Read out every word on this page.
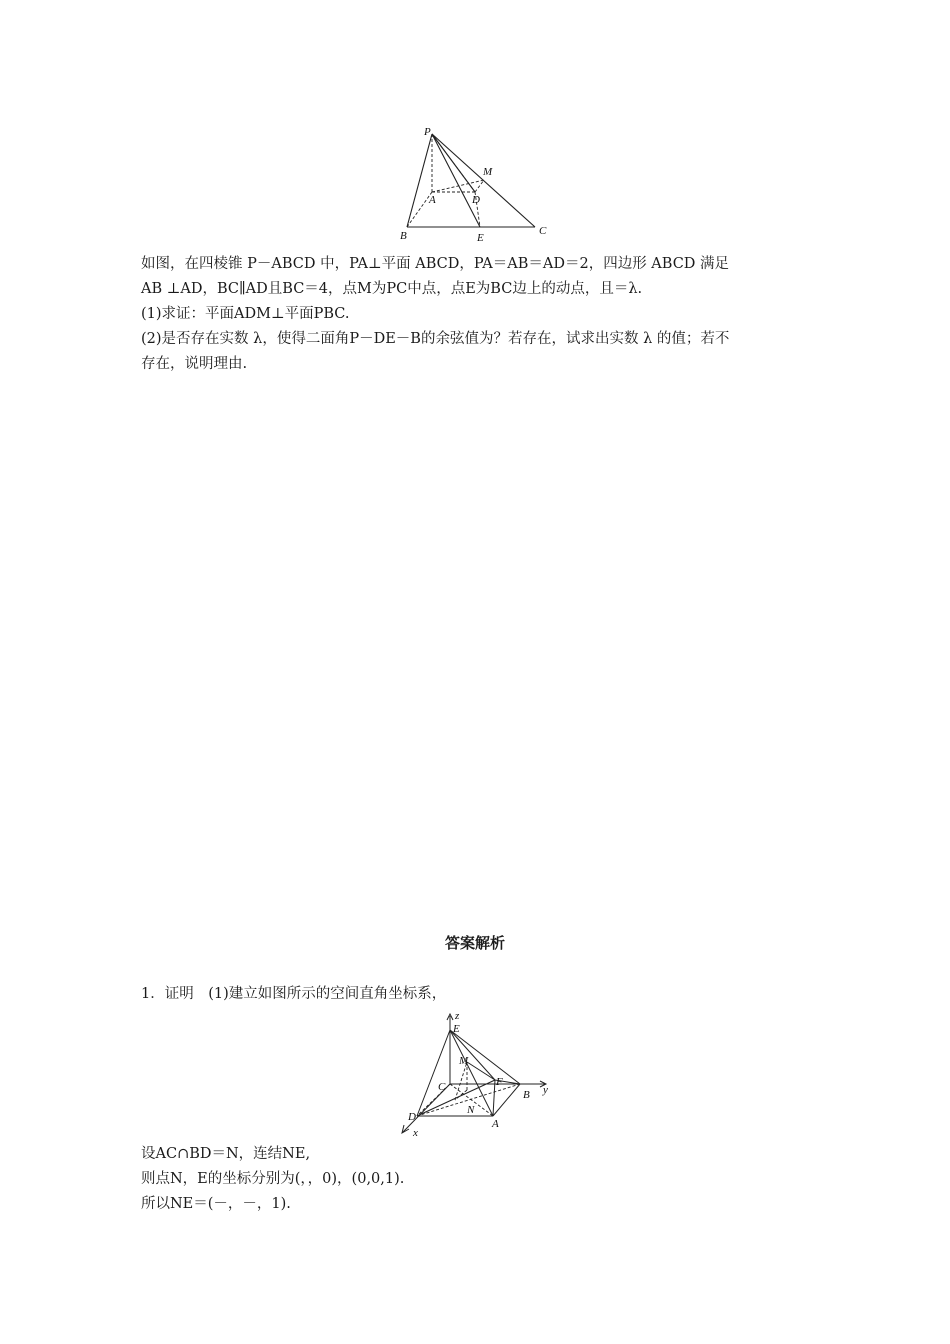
P
M
A	D
B	E
C
如图，在四棱锥 P－ABCD 中，PA⊥平面 ABCD，PA＝AB＝AD＝2，四边形 ABCD 满足
AB ⊥AD，BC∥AD且BC＝4，点M为PC中点，点E为BC边上的动点，且＝λ.
(1)求证：平面ADM⊥平面PBC.
(2)是否存在实数 λ，使得二面角P－DE－B的余弦值为？若存在，试求出实数 λ 的值；若不
存在，说明理由.
答案解析
1．证明　(1)建立如图所示的空间直角坐标系，
z
E
M
C	F
y
B
D
N
A
x
设AC∩BD＝N，连结NE,
则点N，E的坐标分别为(，，0)，(0,0,1).
所以NE＝(－，－，1).
